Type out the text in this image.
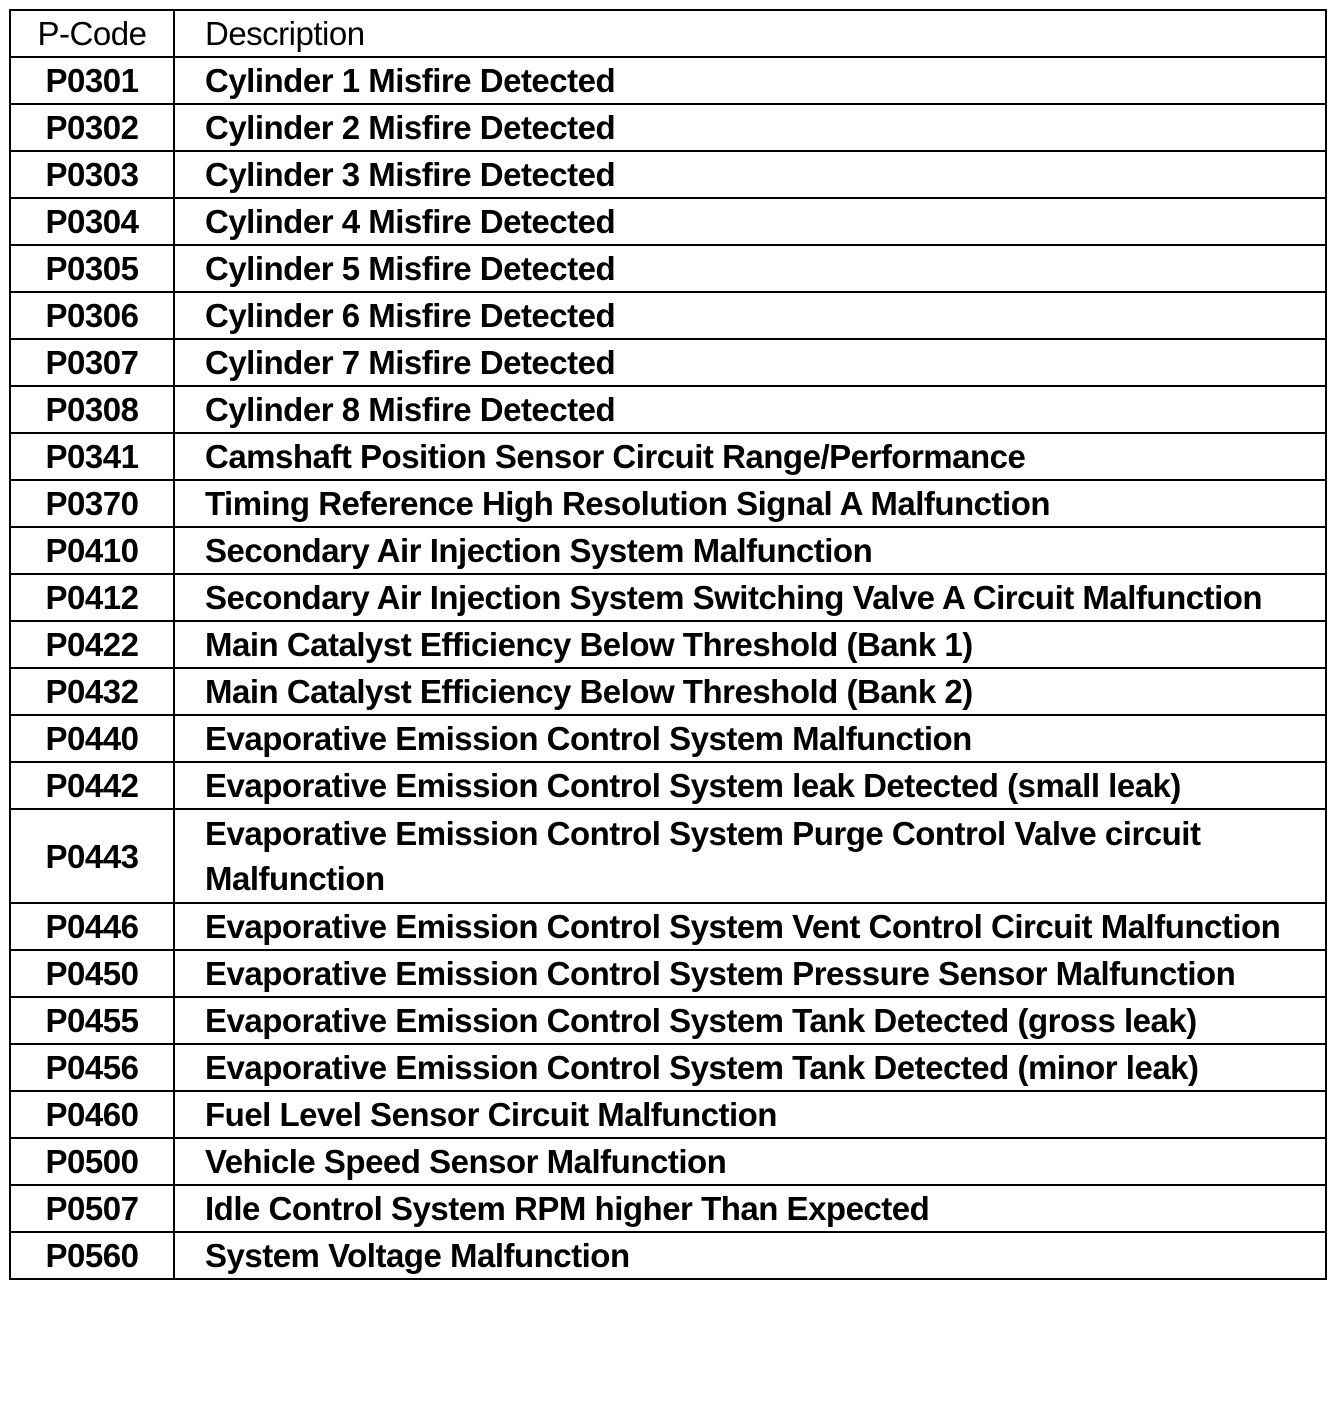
P-Code	Description
P0301	Cylinder 1 Misfire Detected
P0302	Cylinder 2 Misfire Detected
P0303	Cylinder 3 Misfire Detected
P0304	Cylinder 4 Misfire Detected
P0305	Cylinder 5 Misfire Detected
P0306	Cylinder 6 Misfire Detected
P0307	Cylinder 7 Misfire Detected
P0308	Cylinder 8 Misfire Detected
P0341	Camshaft Position Sensor Circuit Range/Performance
P0370	Timing Reference High Resolution Signal A Malfunction
P0410	Secondary Air Injection System Malfunction
P0412	Secondary Air Injection System Switching Valve A Circuit Malfunction
P0422	Main Catalyst Efficiency Below Threshold (Bank 1)
P0432	Main Catalyst Efficiency Below Threshold (Bank 2)
P0440	Evaporative Emission Control System Malfunction
P0442	Evaporative Emission Control System leak Detected (small leak)
P0443	Evaporative Emission Control System Purge Control Valve circuit Malfunction
P0446	Evaporative Emission Control System Vent Control Circuit Malfunction
P0450	Evaporative Emission Control System Pressure Sensor Malfunction
P0455	Evaporative Emission Control System Tank Detected (gross leak)
P0456	Evaporative Emission Control System Tank Detected (minor leak)
P0460	Fuel Level Sensor Circuit Malfunction
P0500	Vehicle Speed Sensor Malfunction
P0507	Idle Control System RPM higher Than Expected
P0560	System Voltage Malfunction
